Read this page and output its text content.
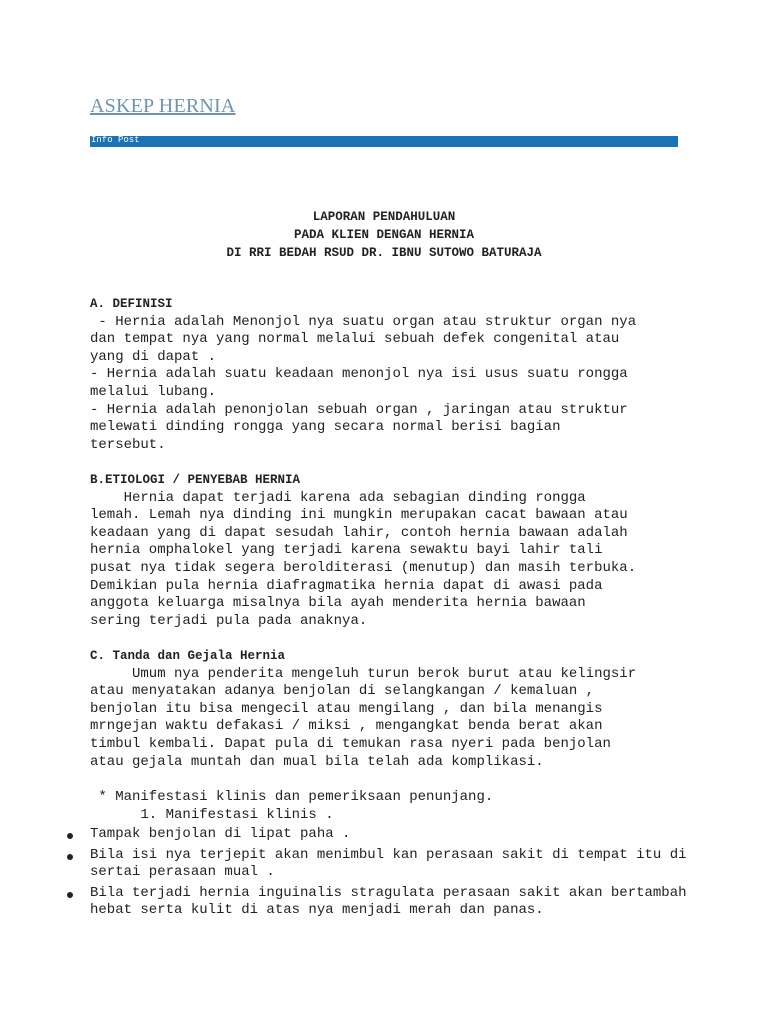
ASKEP HERNIA
Info Post
LAPORAN PENDAHULUAN
PADA KLIEN DENGAN HERNIA
DI RRI BEDAH RSUD DR. IBNU SUTOWO BATURAJA
A. DEFINISI
- Hernia adalah Menonjol nya suatu organ atau struktur organ nya
dan tempat nya yang normal melalui sebuah defek congenital atau
yang di dapat .
- Hernia adalah suatu keadaan menonjol nya isi usus suatu rongga
melalui lubang.
- Hernia adalah penonjolan sebuah organ , jaringan atau struktur
melewati dinding rongga yang secara normal berisi bagian
tersebut.
B.ETIOLOGI / PENYEBAB HERNIA
Hernia dapat terjadi karena ada sebagian dinding rongga
lemah. Lemah nya dinding ini mungkin merupakan cacat bawaan atau
keadaan yang di dapat sesudah lahir, contoh hernia bawaan adalah
hernia omphalokel yang terjadi karena sewaktu bayi lahir tali
pusat nya tidak segera berolditerasi (menutup) dan masih terbuka.
Demikian pula hernia diafragmatika hernia dapat di awasi pada
anggota keluarga misalnya bila ayah menderita hernia bawaan
sering terjadi pula pada anaknya.
C. Tanda dan Gejala Hernia
Umum nya penderita mengeluh turun berok burut atau kelingsir
atau menyatakan adanya benjolan di selangkangan / kemaluan ,
benjolan itu bisa mengecil atau mengilang , dan bila menangis
mrngejan waktu defakasi / miksi , mengangkat benda berat akan
timbul kembali. Dapat pula di temukan rasa nyeri pada benjolan
atau gejala muntah dan mual bila telah ada komplikasi.
* Manifestasi klinis dan pemeriksaan penunjang.
1. Manifestasi klinis .
Tampak benjolan di lipat paha .
Bila isi nya terjepit akan menimbul kan perasaan sakit di tempat itu di sertai perasaan mual .
Bila terjadi hernia inguinalis stragulata perasaan sakit akan bertambah hebat serta kulit di atas nya menjadi merah dan panas.
